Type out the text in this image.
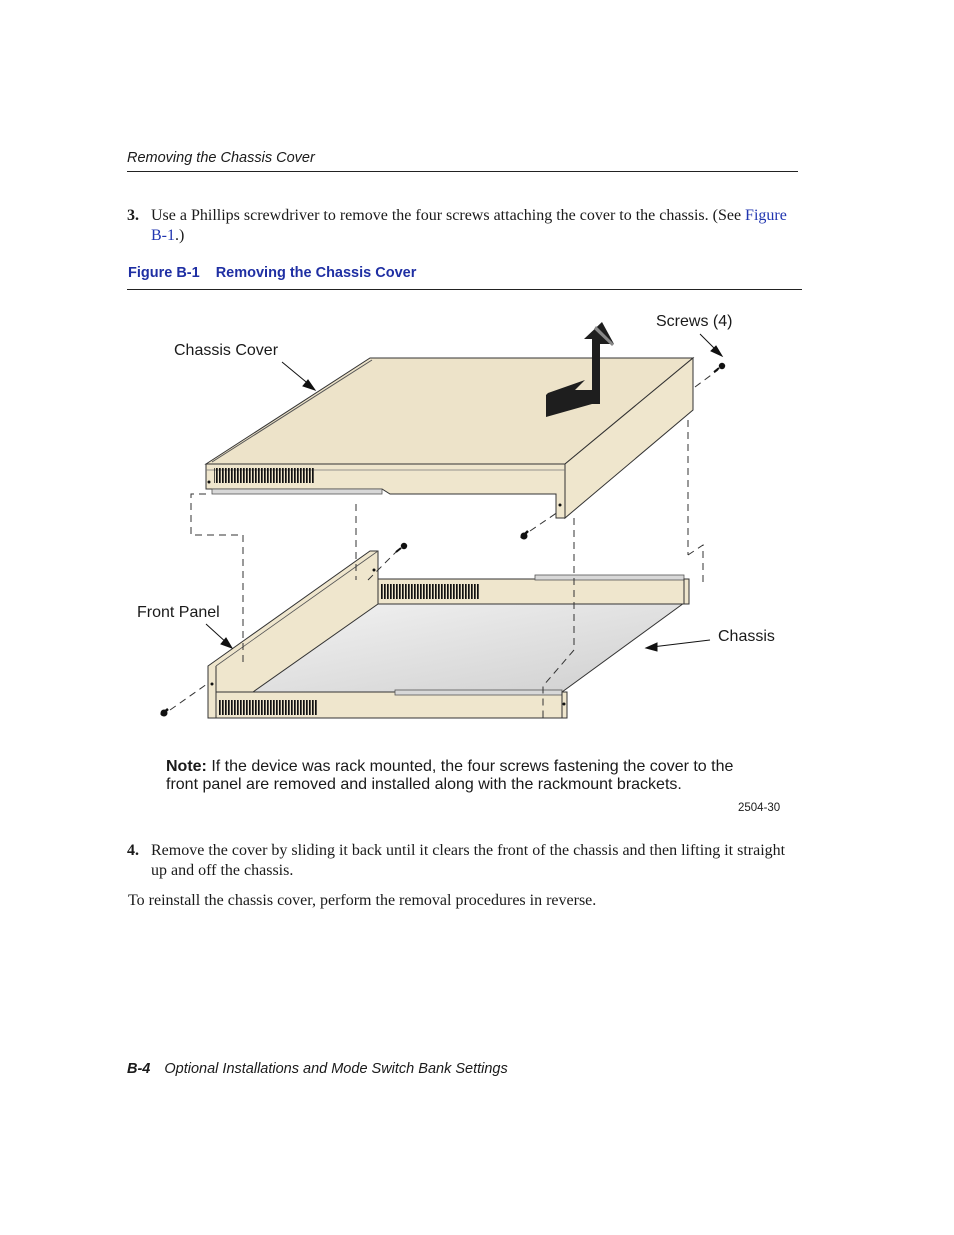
Removing the Chassis Cover
3. Use a Phillips screwdriver to remove the four screws attaching the cover to the chassis. (See Figure B-1.)
Figure B-1 Removing the Chassis Cover
Chassis Cover
Screws (4)
Front Panel
Chassis
Note: If the device was rack mounted, the four screws fastening the cover to the front panel are removed and installed along with the rackmount brackets.
2504-30
4. Remove the cover by sliding it back until it clears the front of the chassis and then lifting it straight up and off the chassis.
To reinstall the chassis cover, perform the removal procedures in reverse.
B-4 Optional Installations and Mode Switch Bank Settings
